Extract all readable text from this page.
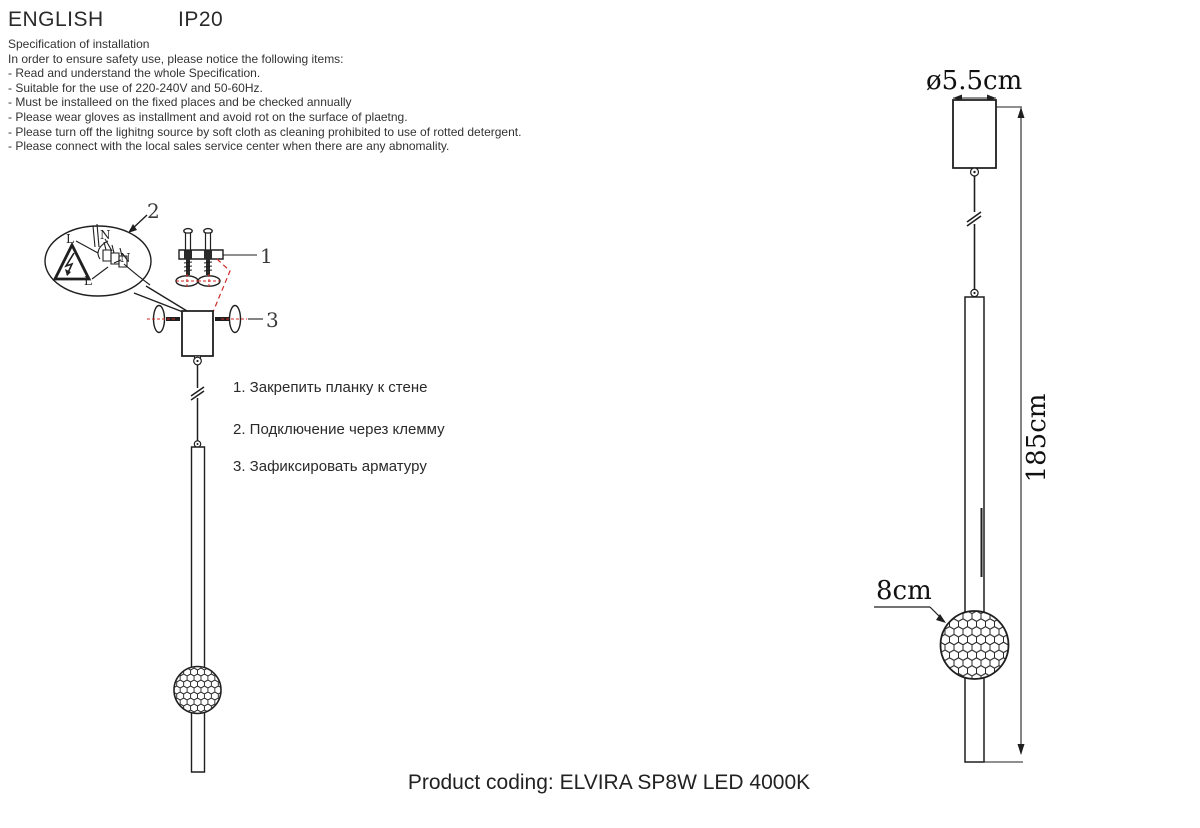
ENGLISH	IP20
Specification of installation
In order to ensure safety use, please notice the following items:
- Read and understand the whole Specification.
- Suitable for the use of 220-240V and 50-60Hz.
- Must be installeed on the fixed places and be checked annually
- Please wear gloves as installment and avoid rot on the surface of plaetng.
- Please turn off the lighitng source by soft cloth as cleaning prohibited to use of rotted detergent.
- Please connect with the local sales service center when there are any abnomality.
2
1
3
L N
N
L
1. Закрепить планку к стене
2. Подключение через клемму
3. Зафиксировать арматуру
ø5.5cm
185cm
8cm
Product coding: ELVIRA SP8W LED 4000K
